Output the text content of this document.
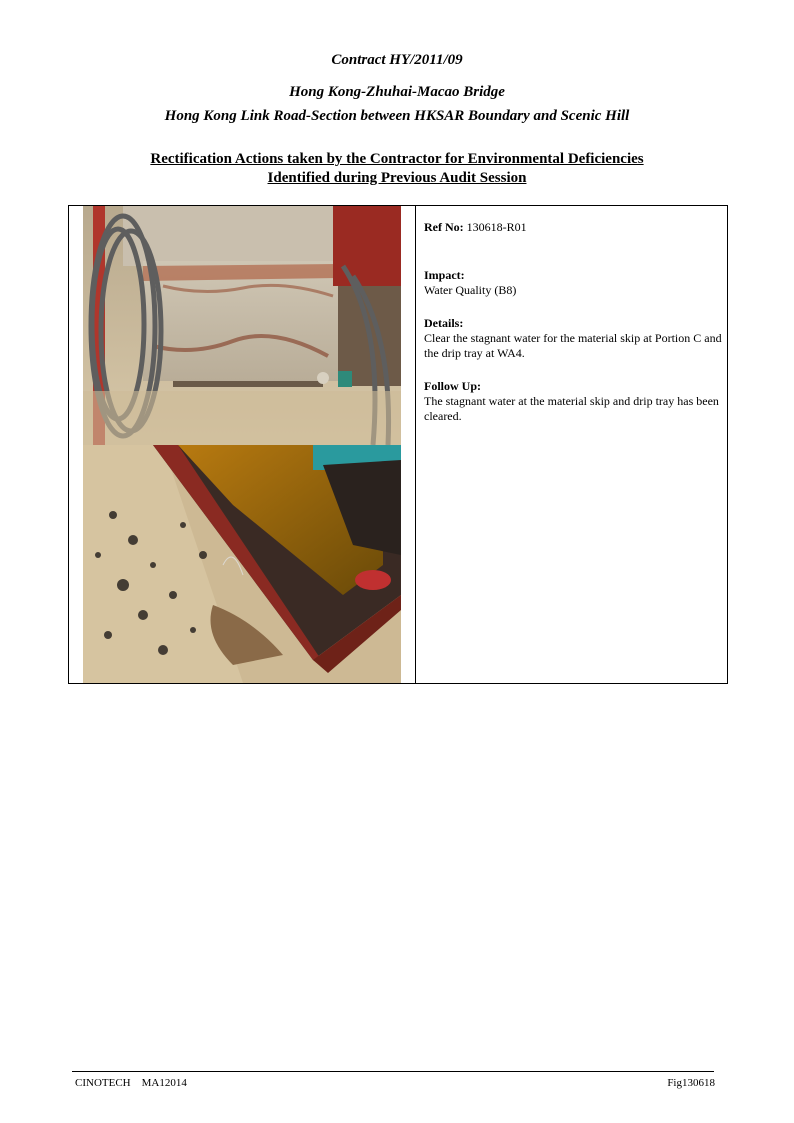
Contract HY/2011/09
Hong Kong-Zhuhai-Macao Bridge
Hong Kong Link Road-Section between HKSAR Boundary and Scenic Hill
Rectification Actions taken by the Contractor for Environmental Deficiencies
Identified during Previous Audit Session
Ref No: 130618-R01
Impact:
Water Quality (B8)
Details:
Clear the stagnant water for the material skip at Portion C and the drip tray at WA4.
Follow Up:
The stagnant water at the material skip and drip tray has been cleared.
CINOTECH MA12014	Fig130618
